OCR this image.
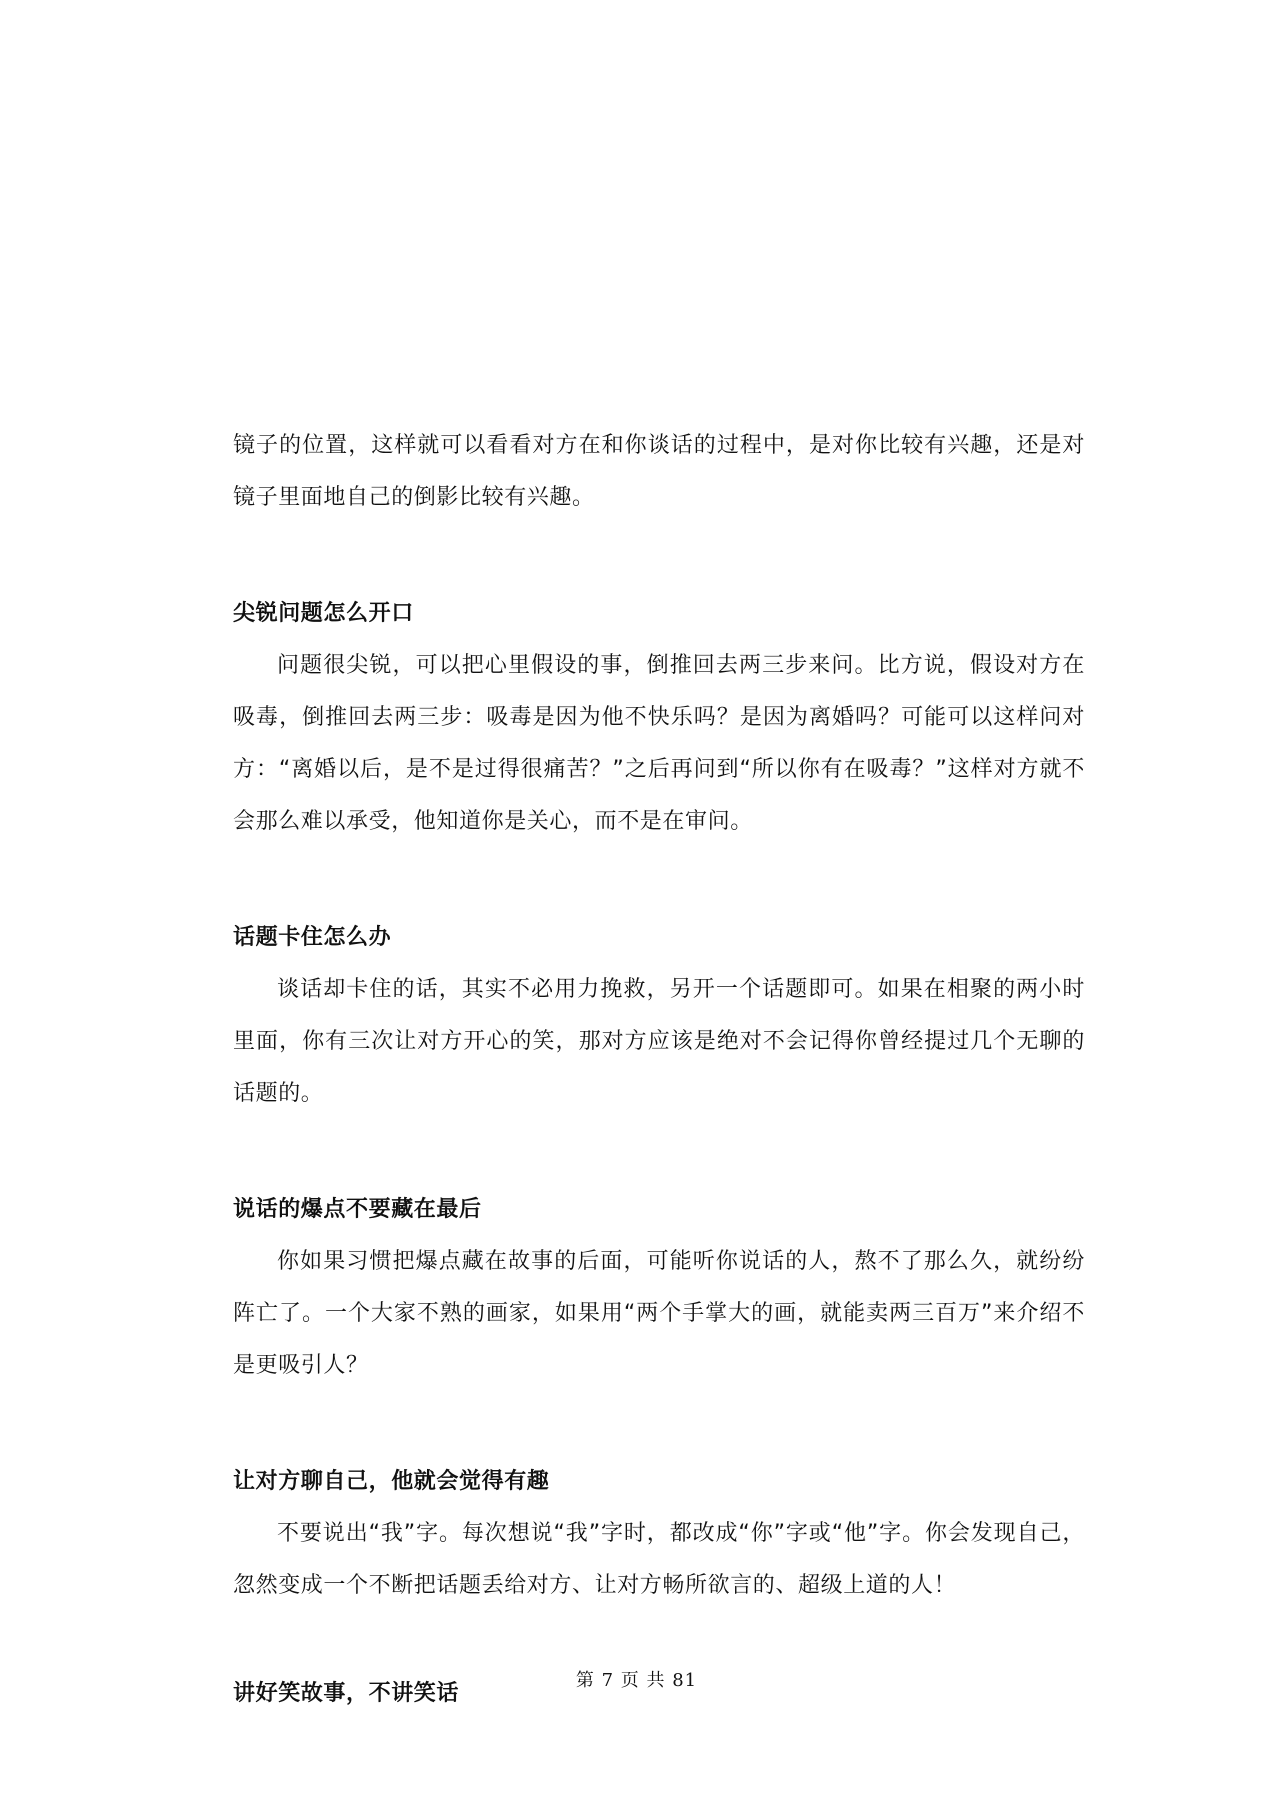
镜子的位置，这样就可以看看对方在和你谈话的过程中，是对你比较有兴趣，还是对镜子里面地自己的倒影比较有兴趣。

尖锐问题怎么开口

问题很尖锐，可以把心里假设的事，倒推回去两三步来问。比方说，假设对方在吸毒，倒推回去两三步：吸毒是因为他不快乐吗？是因为离婚吗？可能可以这样问对方：“离婚以后，是不是过得很痛苦？”之后再问到“所以你有在吸毒？”这样对方就不会那么难以承受，他知道你是关心，而不是在审问。

话题卡住怎么办

谈话却卡住的话，其实不必用力挽救，另开一个话题即可。如果在相聚的两小时里面，你有三次让对方开心的笑，那对方应该是绝对不会记得你曾经提过几个无聊的话题的。

说话的爆点不要藏在最后

你如果习惯把爆点藏在故事的后面，可能听你说话的人，熬不了那么久，就纷纷阵亡了。一个大家不熟的画家，如果用“两个手掌大的画，就能卖两三百万”来介绍不是更吸引人？

让对方聊自己，他就会觉得有趣

不要说出“我”字。每次想说“我”字时，都改成“你”字或“他”字。你会发现自己，忽然变成一个不断把话题丢给对方、让对方畅所欲言的、超级上道的人！

讲好笑故事，不讲笑话
第 7 页 共 81
